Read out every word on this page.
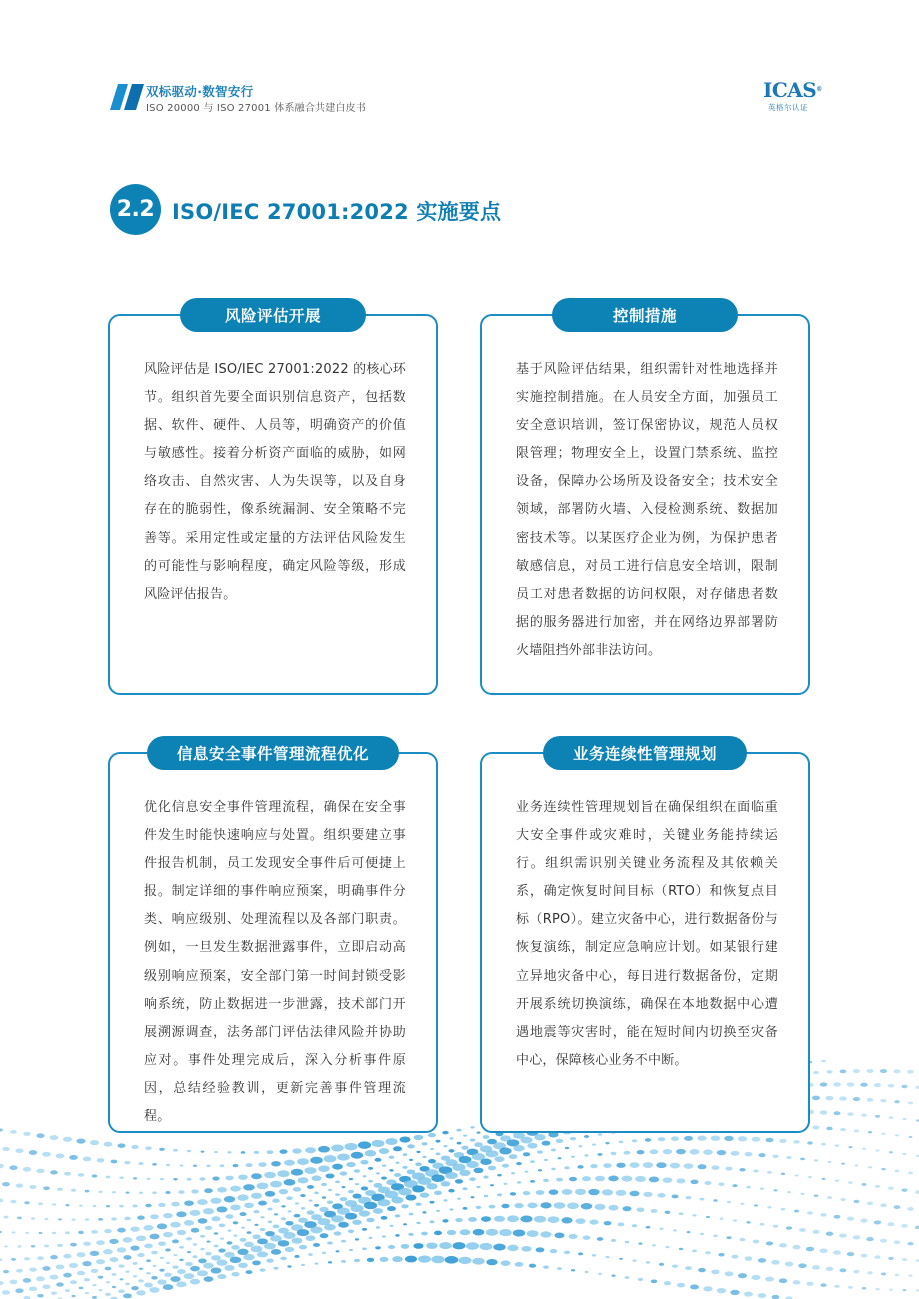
双标驱动·数智安行
ISO 20000 与 ISO 27001 体系融合共建白皮书
ICAS®
英格尔认证
2.2 ISO/IEC 27001:2022 实施要点
风险评估开展
风险评估是 ISO/IEC 27001:2022 的核心环节。组织首先要全面识别信息资产，包括数据、软件、硬件、人员等，明确资产的价值与敏感性。接着分析资产面临的威胁，如网络攻击、自然灾害、人为失误等，以及自身存在的脆弱性，像系统漏洞、安全策略不完善等。采用定性或定量的方法评估风险发生的可能性与影响程度，确定风险等级，形成风险评估报告。
控制措施
基于风险评估结果，组织需针对性地选择并实施控制措施。在人员安全方面，加强员工安全意识培训，签订保密协议，规范人员权限管理；物理安全上，设置门禁系统、监控设备，保障办公场所及设备安全；技术安全领域，部署防火墙、入侵检测系统、数据加密技术等。以某医疗企业为例，为保护患者敏感信息，对员工进行信息安全培训，限制员工对患者数据的访问权限，对存储患者数据的服务器进行加密，并在网络边界部署防火墙阻挡外部非法访问。
信息安全事件管理流程优化
优化信息安全事件管理流程，确保在安全事件发生时能快速响应与处置。组织要建立事件报告机制，员工发现安全事件后可便捷上报。制定详细的事件响应预案，明确事件分类、响应级别、处理流程以及各部门职责。例如，一旦发生数据泄露事件，立即启动高级别响应预案，安全部门第一时间封锁受影响系统，防止数据进一步泄露，技术部门开展溯源调查，法务部门评估法律风险并协助应对。事件处理完成后，深入分析事件原因，总结经验教训，更新完善事件管理流程。
业务连续性管理规划
业务连续性管理规划旨在确保组织在面临重大安全事件或灾难时，关键业务能持续运行。组织需识别关键业务流程及其依赖关系，确定恢复时间目标（RTO）和恢复点目标（RPO）。建立灾备中心，进行数据备份与恢复演练，制定应急响应计划。如某银行建立异地灾备中心，每日进行数据备份，定期开展系统切换演练，确保在本地数据中心遭遇地震等灾害时，能在短时间内切换至灾备中心，保障核心业务不中断。
